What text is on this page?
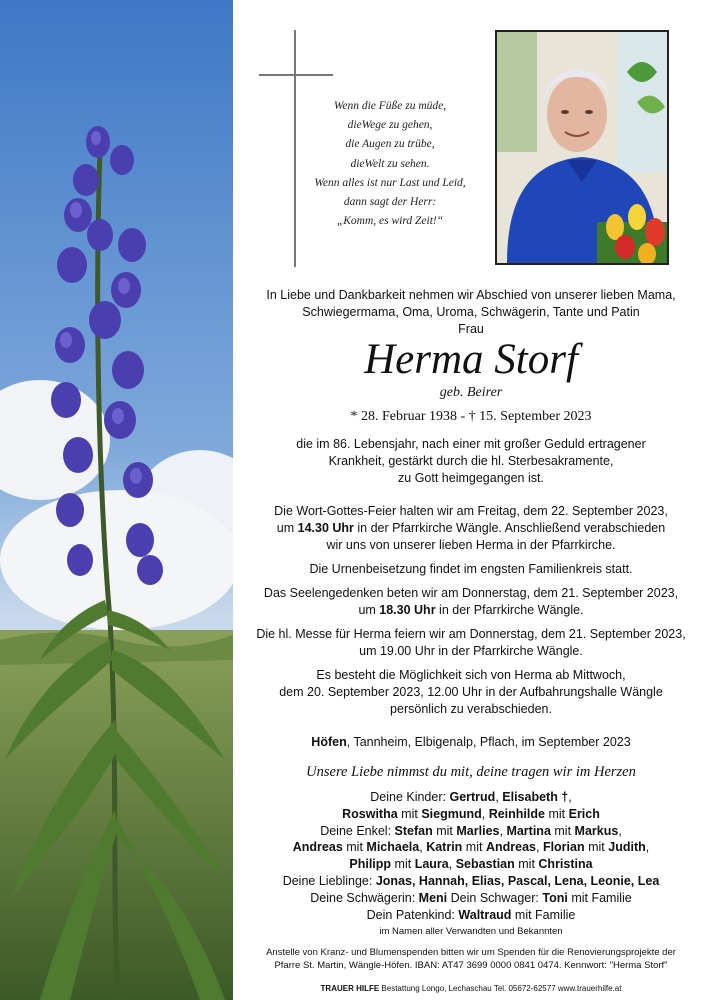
Wenn die Füße zu müde,
dieWege zu gehen,
die Augen zu trübe,
dieWelt zu sehen.
Wenn alles ist nur Last und Leid,
dann sagt der Herr:
„Komm, es wird Zeit!“
In Liebe und Dankbarkeit nehmen wir Abschied von unserer lieben Mama,
Schwiegermama, Oma, Uroma, Schwägerin, Tante und Patin
Frau
Herma Storf
geb. Beirer
* 28. Februar 1938 - † 15. September 2023
die im 86. Lebensjahr, nach einer mit großer Geduld ertragener
Krankheit, gestärkt durch die hl. Sterbesakramente,
zu Gott heimgegangen ist.
Die Wort-Gottes-Feier halten wir am Freitag, dem 22. September 2023,
um 14.30 Uhr in der Pfarrkirche Wängle. Anschließend verabschieden
wir uns von unserer lieben Herma in der Pfarrkirche.
Die Urnenbeisetzung findet im engsten Familienkreis statt.
Das Seelengedenken beten wir am Donnerstag, dem 21. September 2023,
um 18.30 Uhr in der Pfarrkirche Wängle.
Die hl. Messe für Herma feiern wir am Donnerstag, dem 21. September 2023,
um 19.00 Uhr in der Pfarrkirche Wängle.
Es besteht die Möglichkeit sich von Herma ab Mittwoch,
dem 20. September 2023, 12.00 Uhr in der Aufbahrungshalle Wängle
persönlich zu verabschieden.
Höfen, Tannheim, Elbigenalp, Pflach, im September 2023
Unsere Liebe nimmst du mit, deine tragen wir im Herzen
Deine Kinder: Gertrud, Elisabeth †,
Roswitha mit Siegmund, Reinhilde mit Erich
Deine Enkel: Stefan mit Marlies, Martina mit Markus,
Andreas mit Michaela, Katrin mit Andreas, Florian mit Judith,
Philipp mit Laura, Sebastian mit Christina
Deine Lieblinge: Jonas, Hannah, Elias, Pascal, Lena, Leonie, Lea
Deine Schwägerin: Meni Dein Schwager: Toni mit Familie
Dein Patenkind: Waltraud mit Familie
im Namen aller Verwandten und Bekannten
Anstelle von Kranz- und Blumenspenden bitten wir um Spenden für die Renovierungsprojekte der
Pfarre St. Martin, Wängle-Höfen. IBAN: AT47 3699 0000 0841 0474. Kennwort: "Herma Storf"
TRAUER HILFE Bestattung Longo, Lechaschau Tel. 05672-62577 www.trauerhilfe.at
